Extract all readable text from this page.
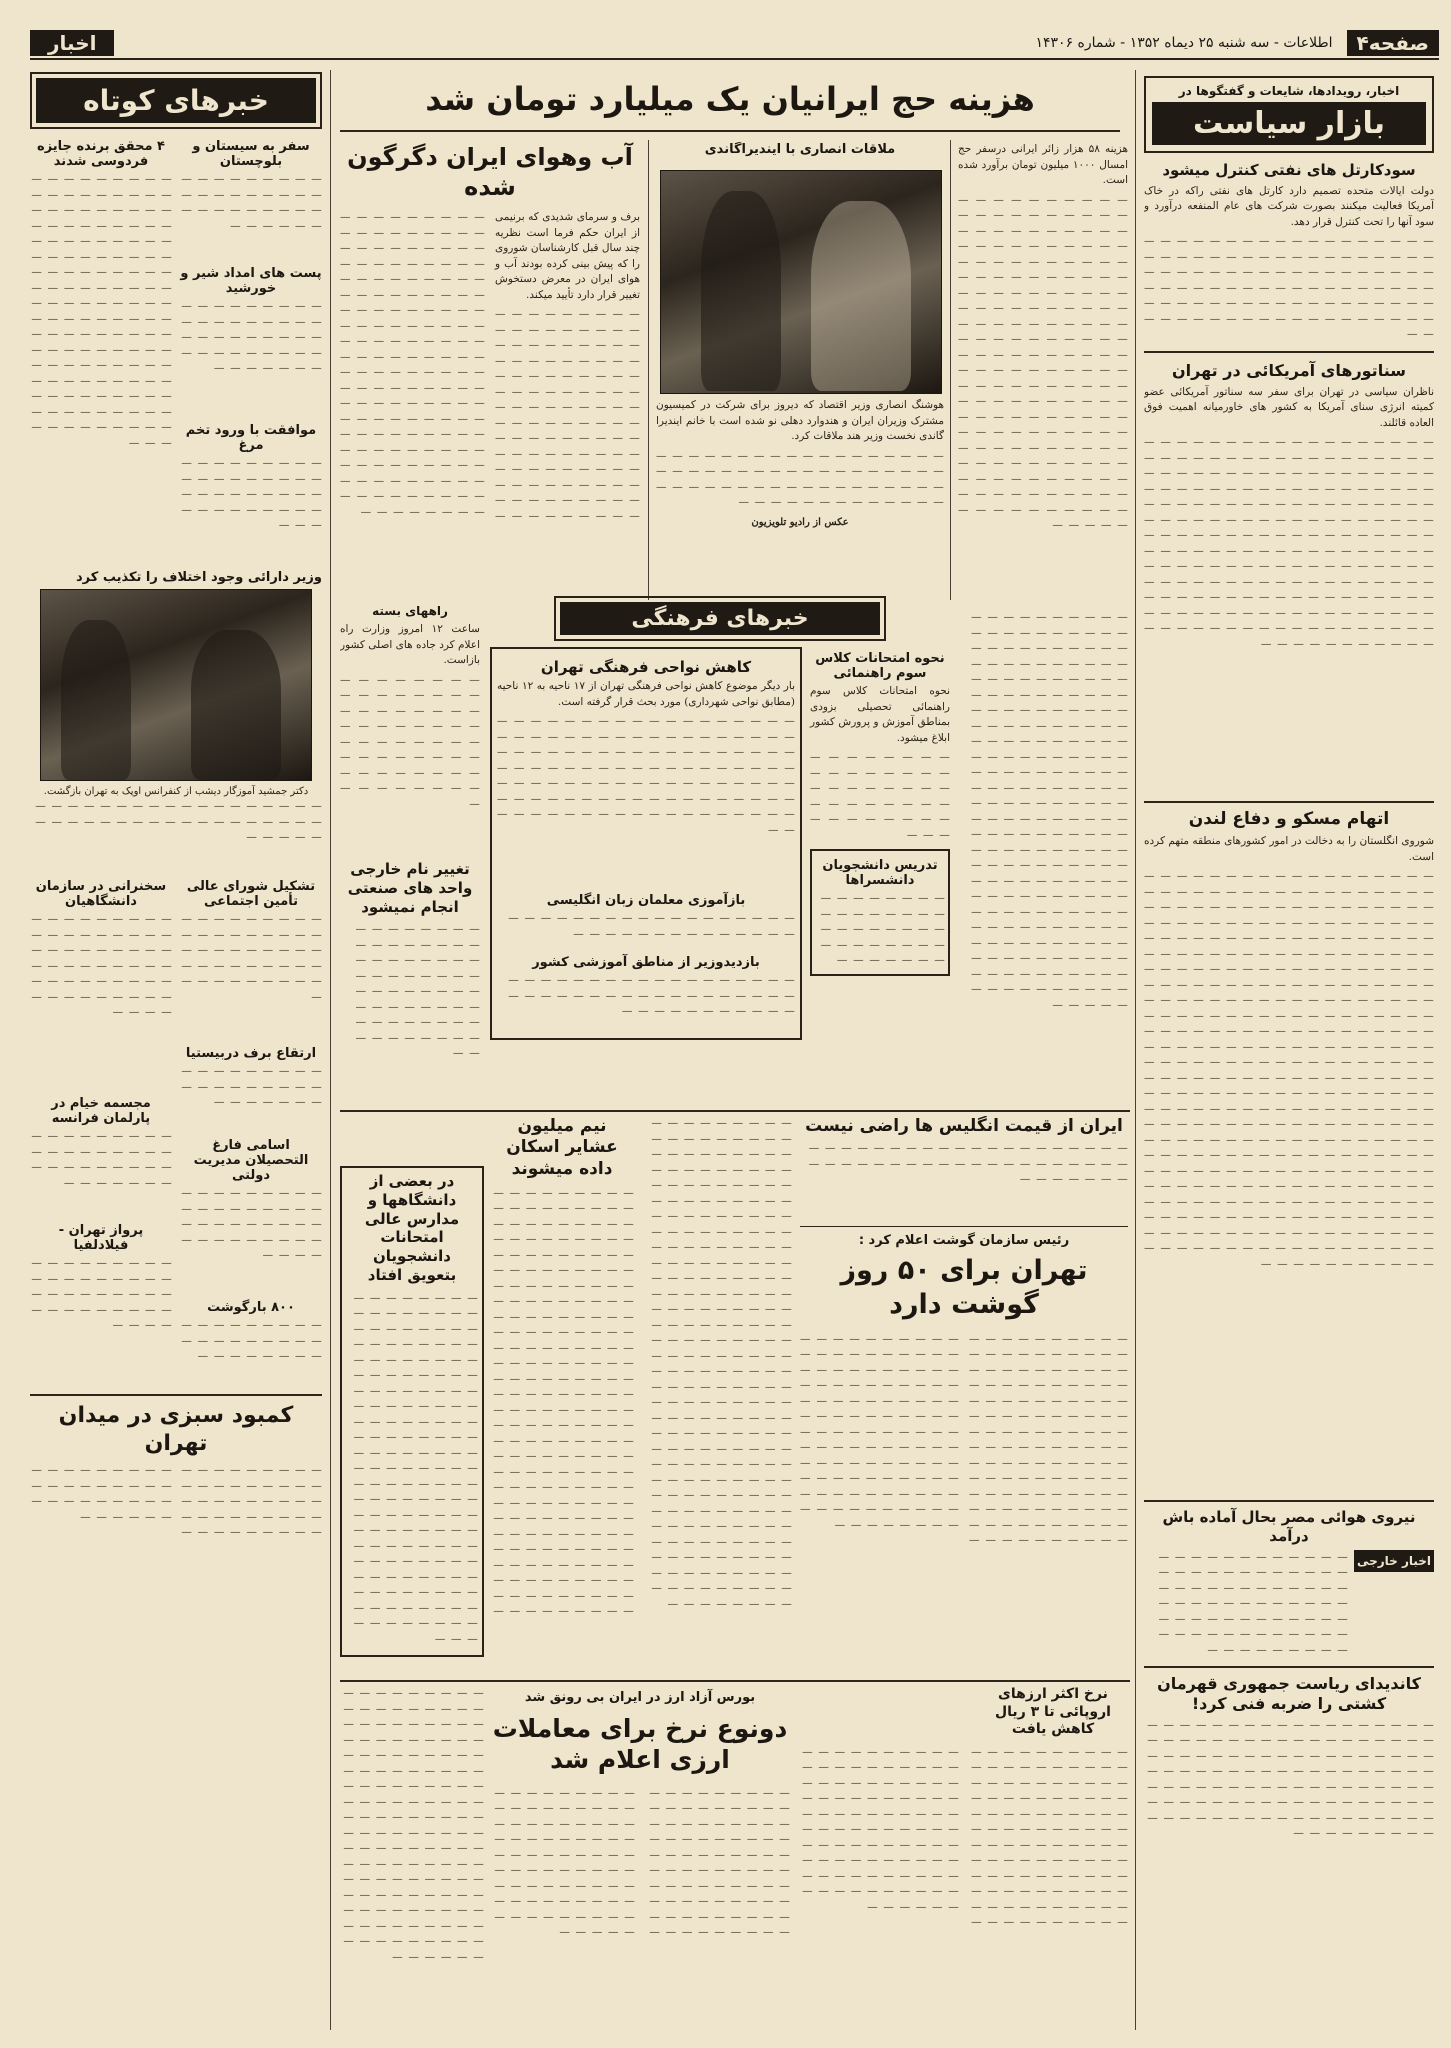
صفحه۴
اطلاعات - سه شنبه ۲۵ دیماه ۱۳۵۲ - شماره ۱۴۳۰۶
اخبار
هزینه حج ایرانیان یک میلیارد تومان شد	اخبار، رویدادها، شایعات و گفتگوها در
بازار سیاست
سودکارتل های نفتی کنترل میشود

دولت ایالات متحده تصمیم دارد کارتل های نفتی راکه در خاک آمریکا فعالیت میکنند بصورت شرکت های عام المنفعه درآورد و سود آنها را تحت کنترل قرار دهد.

— — — — — — — — — — — — — — — — — — — — — — — — — — — — — — — — — — — — — — — — — — — — — — — — — — — — — — — — — — — — — — — — — — — — — — — — — — — — — — — — — — — — — — — — — — — — — — — — — — — — — — — — — — — — — —

سناتورهای آمریکائی در تهران

ناظران سیاسی در تهران برای سفر سه سناتور آمریکائی عضو کمیته انرژی سنای آمریکا به کشور های خاورمیانه اهمیت فوق العاده قائلند.

— — — — — — — — — — — — — — — — — — — — — — — — — — — — — — — — — — — — — — — — — — — — — — — — — — — — — — — — — — — — — — — — — — — — — — — — — — — — — — — — — — — — — — — — — — — — — — — — — — — — — — — — — — — — — — — — — — — — — — — — — — — — — — — — — — — — — — — — — — — — — — — — — — — — — — — — — — — — — — — — — — — — — — — — — — — — — — — — — — — — — — — — — — — — — — — — — — — — — — — — — — — — — — — — — — — — — — — — — — — — — — — — — — — — — — — — — — — — — — — — — — — — —

اتهام مسکو و دفاع لندن

شوروی انگلستان را به دخالت در امور کشورهای منطقه متهم کرده است.

— — — — — — — — — — — — — — — — — — — — — — — — — — — — — — — — — — — — — — — — — — — — — — — — — — — — — — — — — — — — — — — — — — — — — — — — — — — — — — — — — — — — — — — — — — — — — — — — — — — — — — — — — — — — — — — — — — — — — — — — — — — — — — — — — — — — — — — — — — — — — — — — — — — — — — — — — — — — — — — — — — — — — — — — — — — — — — — — — — — — — — — — — — — — — — — — — — — — — — — — — — — — — — — — — — — — — — — — — — — — — — — — — — — — — — — — — — — — — — — — — — — — — — — — — — — — — — — — — — — — — — — — — — — — — — — — — — — — — — — — — — — — — — — — — — — — — — — — — — — — — — — — — — — — — — — — — — — — — — — — — — — — — — — — — — — — — — — — — — — — — — — — — — — — — — — — — — — — — — — — — — — — — — — — — — — — — — — — — — — — — — — — — — — — — — — — — — — — — — — — — — — — — — — — — — — — — — — — — — — — — — — — — — — — — — — — — — — — — — — — — — — — — — — — — — — — — — — — — — — — —

نیروی هوائی مصر بحال آماده باش درآمد
اخبار خارجی
— — — — — — — — — — — — — — — — — — — — — — — — — — — — — — — — — — — — — — — — — — — — — — — — — — — — — — — — — — — — — — — — — — — — — — — — — — — — — — — — —
کاندیدای ریاست جمهوری قهرمان کشتی را ضربه فنی کرد!
— — — — — — — — — — — — — — — — — — — — — — — — — — — — — — — — — — — — — — — — — — — — — — — — — — — — — — — — — — — — — — — — — — — — — — — — — — — — — — — — — — — — — — — — — — — — — — — — — — — — — — — — — — — — — — — — — — — — — — — — — — — — — — — — — — — — — — —

هزینه ۵۸ هزار زائر ایرانی درسفر حج امسال ۱۰۰۰ میلیون تومان برآورد شده است.

— — — — — — — — — — — — — — — — — — — — — — — — — — — — — — — — — — — — — — — — — — — — — — — — — — — — — — — — — — — — — — — — — — — — — — — — — — — — — — — — — — — — — — — — — — — — — — — — — — — — — — — — — — — — — — — — — — — — — — — — — — — — — — — — — — — — — — — — — — — — — — — — — — — — — — — — — — — — — — — — — — — — — — — — — — — — — — — — — — — — — — — — — — — — — — — — — — — — — — — — — — — — — — — — — — — — — — —

ملاقات انصاری با ایندیراگاندی

هوشنگ انصاری وزیر اقتصاد که دیروز برای شرکت در کمیسیون مشترک وزیران ایران و هندوارد دهلی نو شده است با خانم ایندیرا گاندی نخست وزیر هند ملاقات کرد.

— — — — — — — — — — — — — — — — — — — — — — — — — — — — — — — — — — — — — — — — — — — — — — — — — — — — — — — — — — — — — — — — — — —

عکس از رادیو تلویزیون

آب وهوای ایران دگرگون شده

برف و سرمای شدیدی که برنیمی از ایران حکم فرما است نظریه چند سال قبل کارشناسان شوروی را که پیش بینی کرده بودند آب و هوای ایران در معرض دستخوش تغییر قرار دارد تأیید میکند.

— — — — — — — — — — — — — — — — — — — — — — — — — — — — — — — — — — — — — — — — — — — — — — — — — — — — — — — — — — — — — — — — — — — — — — — — — — — — — — — — — — — — — — — — — — — — — — — — — — — — — — — — — — — — — — — — — — — — — — — — — — — — — — — — — — — — — — — — — — — — — — — — — — — — — — — — — — — — — — — — — — — — — — — — — — — — — — — — — — — — — — — — — — — — — — — — — — — — — — — — — — — — — — — — — — — — — — — — — — — — — — — — — — — — — — — — — — — — — — — — — — — — — — — — — — — — — — — — — — — — — — — — — — — — — — — — — — — — — — — — — — — — — — — — — — — — — — — — — — — — — — — — —

راههای بسته

ساعت ۱۲ امروز وزارت راه اعلام کرد جاده های اصلی کشور بازاست.

— — — — — — — — — — — — — — — — — — — — — — — — — — — — — — — — — — — — — — — — — — — — — — — — — — — — — — — — — — — — — — — — —

خبرهای فرهنگی
نحوه امتحانات کلاس سوم راهنمائی

نحوه امتحانات کلاس سوم راهنمائی تحصیلی بزودی بمناطق آموزش و پرورش کشور ابلاغ میشود.

— — — — — — — — — — — — — — — — — — — — — — — — — — — — — — — — — — — — — — — — — — —

تدریس دانشجویان دانشسراها
— — — — — — — — — — — — — — — — — — — — — — — — — — — — — — — — — — — — — — —
کاهش نواحی فرهنگی تهران

بار دیگر موضوع کاهش نواحی فرهنگی تهران از ۱۷ ناحیه به ۱۲ ناحیه (مطابق نواحی شهرداری) مورد بحث قرار گرفته است.

— — — — — — — — — — — — — — — — — — — — — — — — — — — — — — — — — — — — — — — — — — — — — — — — — — — — — — — — — — — — — — — — — — — — — — — — — — — — — — — — — — — — — — — — — — — — — — — — — — — — — — — — — — — — — — — — — — — — — — — — — — — — — — — —

بازآموزی معلمان زبان انگلیسی
— — — — — — — — — — — — — — — — — — — — — — — — — — — — — — — —
بازدیدوزیر از مناطق آموزشی کشور
— — — — — — — — — — — — — — — — — — — — — — — — — — — — — — — — — — — — — — — — — — — — — — —
تغییر نام خارجی واحد های صنعتی انجام نمیشود
— — — — — — — — — — — — — — — — — — — — — — — — — — — — — — — — — — — — — — — — — — — — — — — — — — — — — — — — — — — — — — — — — —
— — — — — — — — — — — — — — — — — — — — — — — — — — — — — — — — — — — — — — — — — — — — — — — — — — — — — — — — — — — — — — — — — — — — — — — — — — — — — — — — — — — — — — — — — — — — — — — — — — — — — — — — — — — — — — — — — — — — — — — — — — — — — — — — — — — — — — — — — — — — — — — — — — — — — — — — — — — — — — — — — — — — — — — — — — — — — — — — — — — — — — — — — — — — — — — — — — — — — — — — — — — — — — — — — — — — — — — — — — — — — — — — — — — — — — — — — — — — — — — — — — — — — — — — — — — — — — —
ایران از قیمت انگلیس ها راضی نیست
— — — — — — — — — — — — — — — — — — — — — — — — — — — — — — — — — — — — — — — — — — — — — — —
رئیس سازمان گوشت اعلام کرد :
تهران برای ۵۰ روز گوشت دارد

— — — — — — — — — — — — — — — — — — — — — — — — — — — — — — — — — — — — — — — — — — — — — — — — — — — — — — — — — — — — — — — — — — — — — — — — — — — — — — — — — — — — — — — — — — — — — — — — — — — — — — — — — — — — — — — — — — — — — — — — — — — — — — — — — — — — — — — — — — — — — — — — — — — — — — — — — — — — — — — — — — — — — — — — — — — — — — — — — — — — — — — — — — — — — — — — — — — — — — — — — — — — — — — — — — — — — — — — — — — — — — — — — — — — — — — — — — — — — — — — — — — — — — — — — — — — — — — — — — — — — — — — — — — —

— — — — — — — — — — — — — — — — — — — — — — — — — — — — — — — — — — — — — — — — — — — — — — — — — — — — — — — — — — — — — — — — — — — — — — — — — — — — — — — — — — — — — — — — — — — — — — — — — — — — — — — — — — — — — — — — — — — — — — — — — — — — — — — — — — — — — — — — — — — — — — — — — — — — — — — — — — — — — — — — — — — — — — — — — — — — — — — — — — — — — — — — — — — — — — — — — — — — — — — — — — — — — — — — — — — — — — — — — — — — — — — — — — — — — — — — — — — — — — — — — — — — — — — — — — — — — — — — — — — — — — — — — — — — — — — — — — — — — — — — — — — — — — —
نیم میلیون عشایر اسکان داده میشوند
— — — — — — — — — — — — — — — — — — — — — — — — — — — — — — — — — — — — — — — — — — — — — — — — — — — — — — — — — — — — — — — — — — — — — — — — — — — — — — — — — — — — — — — — — — — — — — — — — — — — — — — — — — — — — — — — — — — — — — — — — — — — — — — — — — — — — — — — — — — — — — — — — — — — — — — — — — — — — — — — — — — — — — — — — — — — — — — — — — — — — — — — — — — — — — — — — — — — — — — — — — — — — — — — — — — — — — — — — — — — — — — — — — — — — — — — — — — — — — — — — — — — — — — — — — — —
در بعضی از دانشگاهها و مدارس عالی امتحانات دانشجویان بتعویق افتاد
— — — — — — — — — — — — — — — — — — — — — — — — — — — — — — — — — — — — — — — — — — — — — — — — — — — — — — — — — — — — — — — — — — — — — — — — — — — — — — — — — — — — — — — — — — — — — — — — — — — — — — — — — — — — — — — — — — — — — — — — — — — — — — — — — — — — — — — — — — — — — — — — — — — — — — — — — — — — — — — — — — — — — — — — — — — — — — — — — — —
بورس آزاد ارز در ایران بی رونق شد
دونوع نرخ برای معاملات ارزی اعلام شد
— — — — — — — — — — — — — — — — — — — — — — — — — — — — — — — — — — — — — — — — — — — — — — — — — — — — — — — — — — — — — — — — — — — — — — — — — — — — — — — — — — — — — — — — — — — — — — — — — — — — — — — — — — — — — — — — — — — — — — — — — — — — — — — — — — — — — — — — — — — — — — — — — — — — — — — — — — — — — — — — — — — — — — — — — — — — — — — —
نرخ اکثر ارزهای اروپائی تا ۳ ریال کاهش یافت
— — — — — — — — — — — — — — — — — — — — — — — — — — — — — — — — — — — — — — — — — — — — — — — — — — — — — — — — — — — — — — — — — — — — — — — — — — — — — — — — — — — — — — — — — — — — — — — — — — — — — — — — — — — — — — — — — — — — — — — — — — — — — — — — — — — — — — — — — — — — — — — — — — — — — — — — — — — — — — — — — — — — — — — — — — — — — — — — — — — — — — — — — — — — — — — — — — — — — — — — — — — — — — — — — — — — — — — — — — — — — — — — — —
— — — — — — — — — — — — — — — — — — — — — — — — — — — — — — — — — — — — — — — — — — — — — — — — — — — — — — — — — — — — — — — — — — — — — — — — — — — — — — — — — — — — — — — — — — — — — — — — — — — — — — — — — — — — — — — — — — — — — — — — — — — — — — — — — — — — — — — — — — — — — — — — — — — — — — — — — — — — — — —
خبرهای کوتاه
سفر به سیستان و بلوچستان
— — — — — — — — — — — — — — — — — — — — — — — — — — — — — — — — —
پست های امداد شیر و خورشید
— — — — — — — — — — — — — — — — — — — — — — — — — — — — — — — — — — — — — — — — — — —
موافقت با ورود تخم مرغ
— — — — — — — — — — — — — — — — — — — — — — — — — — — — — — — — — — — — — — —
۴ محقق برنده جایزه فردوسی شدند
— — — — — — — — — — — — — — — — — — — — — — — — — — — — — — — — — — — — — — — — — — — — — — — — — — — — — — — — — — — — — — — — — — — — — — — — — — — — — — — — — — — — — — — — — — — — — — — — — — — — — — — — — — — — — — — — — — — — — — — — — — — — — — — — — — — — — — — — — — — — — — — — — — — — — — — — — — — —
وزیر دارائی وجود اختلاف را تکذیب کرد
دکتر جمشید آموزگار دیشب از کنفرانس اوپک به تهران بازگشت.
— — — — — — — — — — — — — — — — — — — — — — — — — — — — — — — — — — — — — — — — —
تشکیل شورای عالی تأمین اجتماعی
— — — — — — — — — — — — — — — — — — — — — — — — — — — — — — — — — — — — — — — — — — — — — —
ارتقاع برف دربیستیا
— — — — — — — — — — — — — — — — — — — — — — — — —
اسامی فارغ التحصیلان مدیریت دولتی
— — — — — — — — — — — — — — — — — — — — — — — — — — — — — — — — — — — — — — — —
۸۰۰ بارگوشت
— — — — — — — — — — — — — — — — — — — — — — — — — —
سخنرانی در سازمان دانشگاهیان
— — — — — — — — — — — — — — — — — — — — — — — — — — — — — — — — — — — — — — — — — — — — — — — — — — — — — — — — — —
مجسمه خیام در پارلمان فرانسه
— — — — — — — — — — — — — — — — — — — — — — — — — — — — — — — — — —
پرواز تهران - فیلادلفیا
— — — — — — — — — — — — — — — — — — — — — — — — — — — — — — — — — — — — — — — —
کمبود سبزی در میدان تهران
— — — — — — — — — — — — — — — — — — — — — — — — — — — — — — — — — — — — — — — — — — — — — — — — — — — — — — — — — — — — — — — — — — — — — — — — — — — — — —
